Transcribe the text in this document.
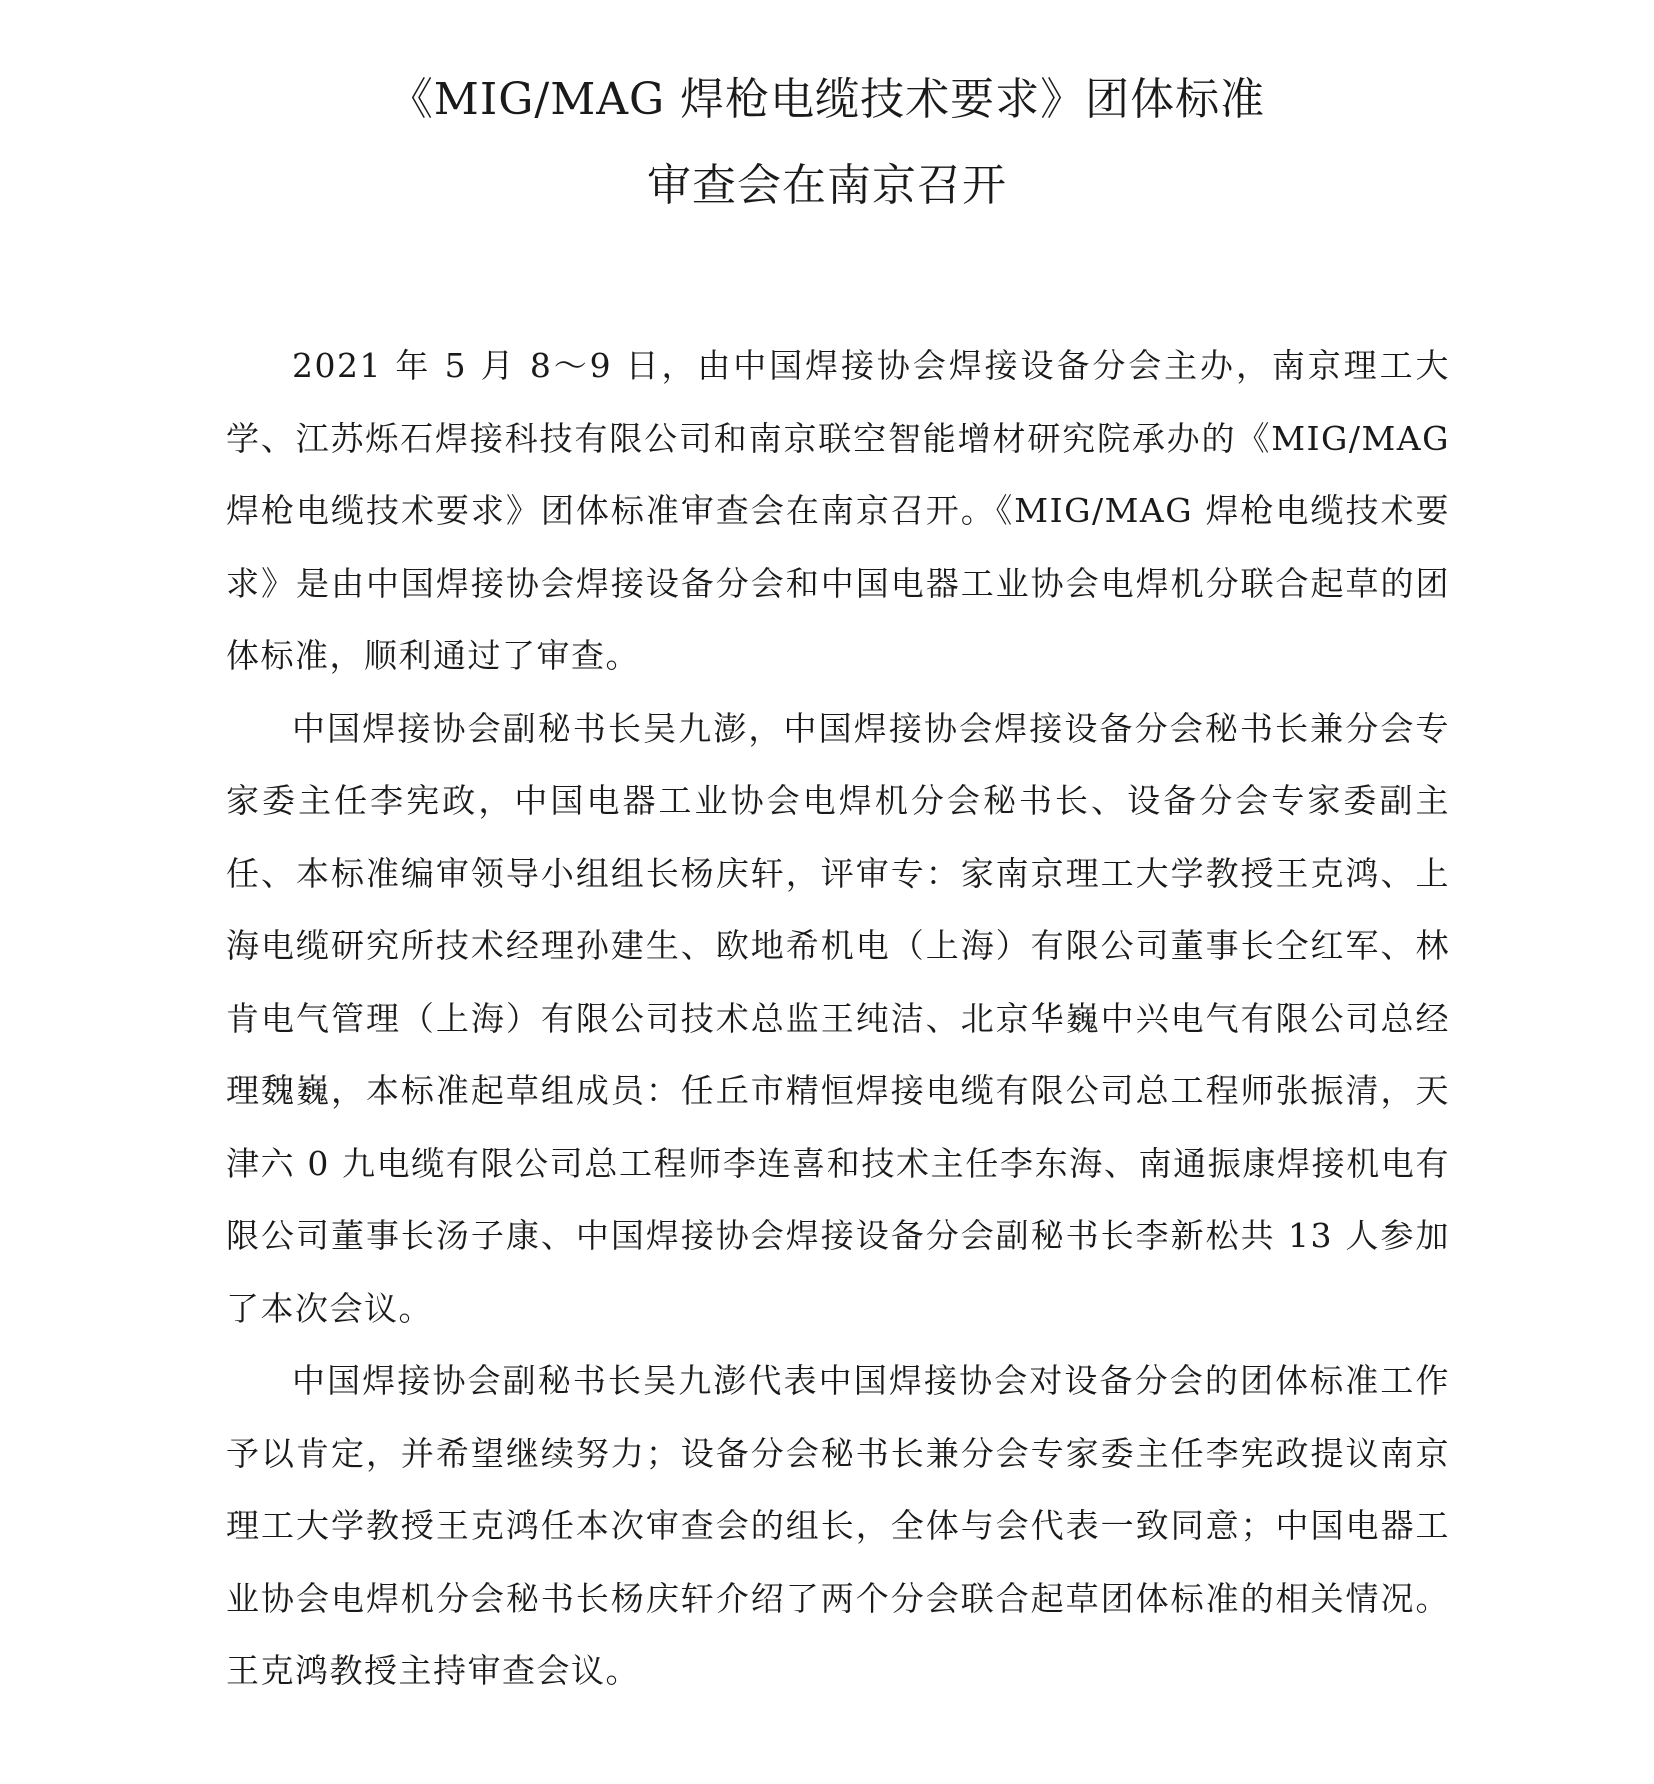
《MIG/MAG 焊枪电缆技术要求》团体标准
审查会在南京召开

2021 年 5 月 8～9 日，由中国焊接协会焊接设备分会主办，南京理工大学、江苏烁石焊接科技有限公司和南京联空智能增材研究院承办的《MIG/MAG 焊枪电缆技术要求》团体标准审查会在南京召开。《MIG/MAG 焊枪电缆技术要求》是由中国焊接协会焊接设备分会和中国电器工业协会电焊机分联合起草的团体标准，顺利通过了审查。

中国焊接协会副秘书长吴九澎，中国焊接协会焊接设备分会秘书长兼分会专家委主任李宪政，中国电器工业协会电焊机分会秘书长、设备分会专家委副主任、本标准编审领导小组组长杨庆轩，评审专：家南京理工大学教授王克鸿、上海电缆研究所技术经理孙建生、欧地希机电（上海）有限公司董事长仝红军、林肯电气管理（上海）有限公司技术总监王纯洁、北京华巍中兴电气有限公司总经理魏巍，本标准起草组成员：任丘市精恒焊接电缆有限公司总工程师张振清，天津六 0 九电缆有限公司总工程师李连喜和技术主任李东海、南通振康焊接机电有限公司董事长汤子康、中国焊接协会焊接设备分会副秘书长李新松共 13 人参加了本次会议。

中国焊接协会副秘书长吴九澎代表中国焊接协会对设备分会的团体标准工作予以肯定，并希望继续努力；设备分会秘书长兼分会专家委主任李宪政提议南京理工大学教授王克鸿任本次审查会的组长，全体与会代表一致同意；中国电器工业协会电焊机分会秘书长杨庆轩介绍了两个分会联合起草团体标准的相关情况。王克鸿教授主持审查会议。
